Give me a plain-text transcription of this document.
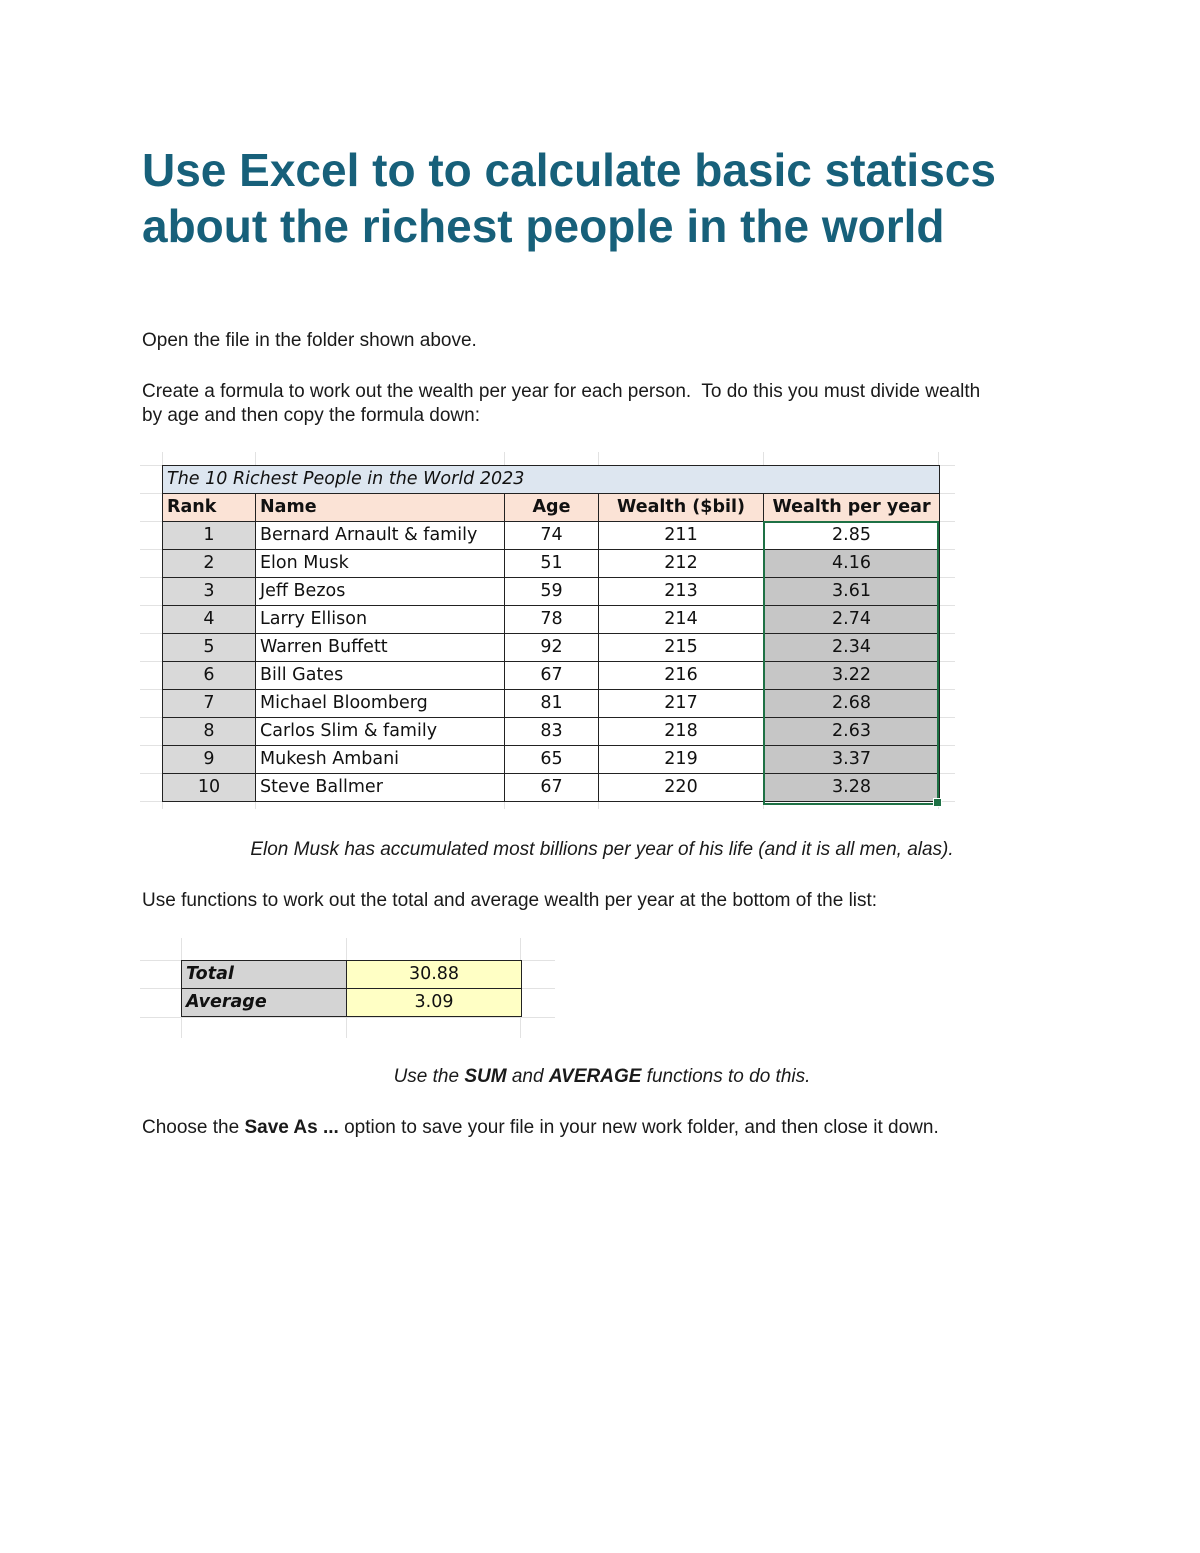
Use Excel to to calculate basic statiscs
about the richest people in the world

Open the file in the folder shown above.

Create a formula to work out the wealth per year for each person.  To do this you must divide wealth
by age and then copy the formula down:

The 10 Richest People in the World 2023				
Rank	Name	Age	Wealth ($bil)	Wealth per year
1	Bernard Arnault & family	74	211	2.85
2	Elon Musk	51	212	4.16
3	Jeff Bezos	59	213	3.61
4	Larry Ellison	78	214	2.74
5	Warren Buffett	92	215	2.34
6	Bill Gates	67	216	3.22
7	Michael Bloomberg	81	217	2.68
8	Carlos Slim & family	83	218	2.63
9	Mukesh Ambani	65	219	3.37
10	Steve Ballmer	67	220	3.28

Elon Musk has accumulated most billions per year of his life (and it is all men, alas).

Use functions to work out the total and average wealth per year at the bottom of the list:

Total	30.88
Average	3.09

Use the SUM and AVERAGE functions to do this.

Choose the Save As ... option to save your file in your new work folder, and then close it down.
